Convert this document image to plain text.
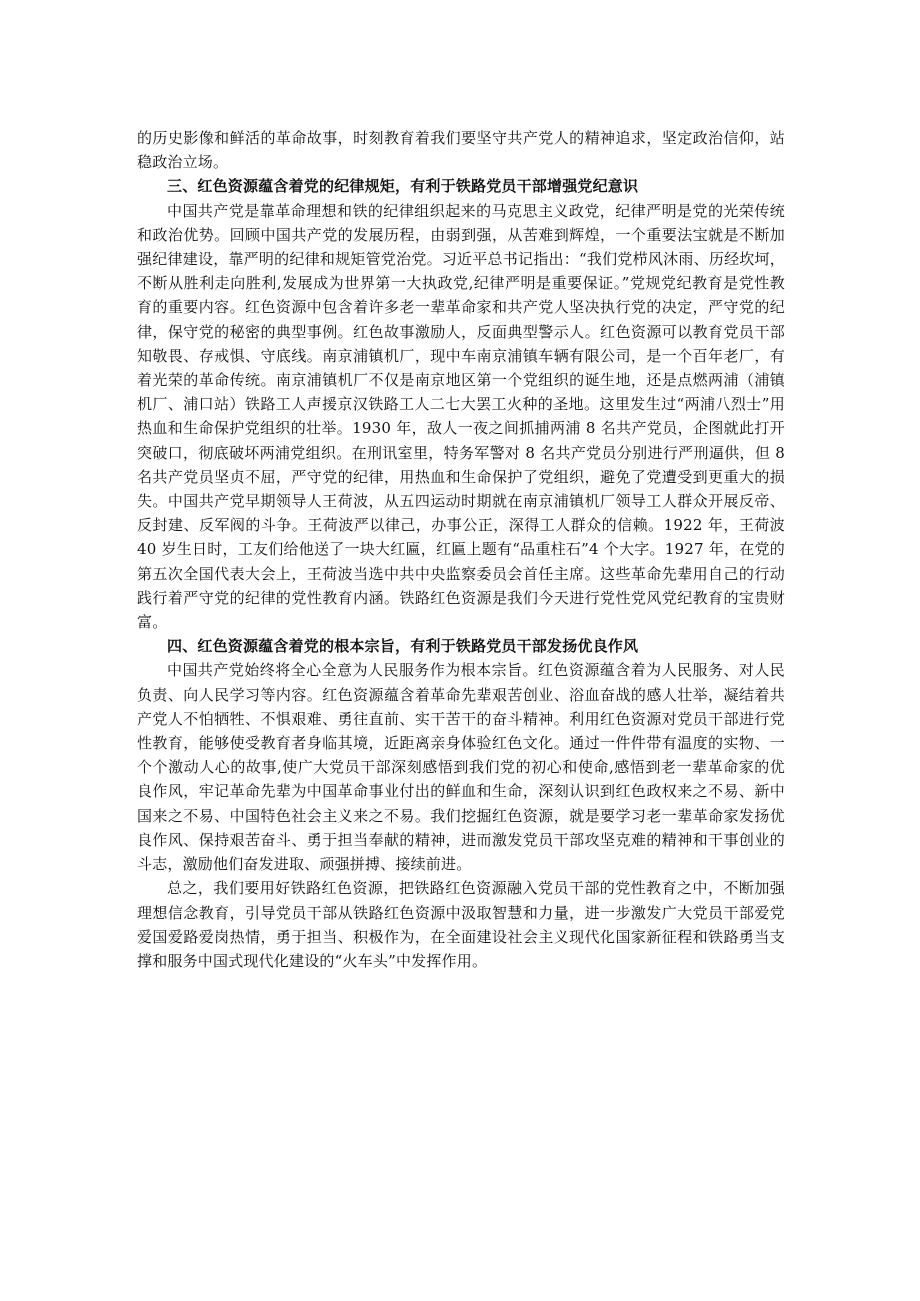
的历史影像和鲜活的革命故事，时刻教育着我们要坚守共产党人的精神追求，坚定政治信仰，站稳政治立场。

三、红色资源蕴含着党的纪律规矩，有利于铁路党员干部增强党纪意识

中国共产党是靠革命理想和铁的纪律组织起来的马克思主义政党，纪律严明是党的光荣传统和政治优势。回顾中国共产党的发展历程，由弱到强，从苦难到辉煌，一个重要法宝就是不断加强纪律建设，靠严明的纪律和规矩管党治党。习近平总书记指出：“我们党栉风沐雨、历经坎坷，不断从胜利走向胜利,发展成为世界第一大执政党,纪律严明是重要保证。”党规党纪教育是党性教育的重要内容。红色资源中包含着许多老一辈革命家和共产党人坚决执行党的决定，严守党的纪律，保守党的秘密的典型事例。红色故事激励人，反面典型警示人。红色资源可以教育党员干部知敬畏、存戒惧、守底线。南京浦镇机厂，现中车南京浦镇车辆有限公司，是一个百年老厂，有着光荣的革命传统。南京浦镇机厂不仅是南京地区第一个党组织的诞生地，还是点燃两浦（浦镇机厂、浦口站）铁路工人声援京汉铁路工人二七大罢工火种的圣地。这里发生过“两浦八烈士”用热血和生命保护党组织的壮举。1930 年，敌人一夜之间抓捕两浦 8 名共产党员，企图就此打开突破口，彻底破坏两浦党组织。在刑讯室里，特务军警对 8 名共产党员分别进行严刑逼供，但 8 名共产党员坚贞不屈，严守党的纪律，用热血和生命保护了党组织，避免了党遭受到更重大的损失。中国共产党早期领导人王荷波，从五四运动时期就在南京浦镇机厂领导工人群众开展反帝、反封建、反军阀的斗争。王荷波严以律己，办事公正，深得工人群众的信赖。1922 年，王荷波 40 岁生日时，工友们给他送了一块大红匾，红匾上题有“品重柱石”4 个大字。1927 年，在党的第五次全国代表大会上，王荷波当选中共中央监察委员会首任主席。这些革命先辈用自己的行动践行着严守党的纪律的党性教育内涵。铁路红色资源是我们今天进行党性党风党纪教育的宝贵财富。

四、红色资源蕴含着党的根本宗旨，有利于铁路党员干部发扬优良作风

中国共产党始终将全心全意为人民服务作为根本宗旨。红色资源蕴含着为人民服务、对人民负责、向人民学习等内容。红色资源蕴含着革命先辈艰苦创业、浴血奋战的感人壮举，凝结着共产党人不怕牺牲、不惧艰难、勇往直前、实干苦干的奋斗精神。利用红色资源对党员干部进行党性教育，能够使受教育者身临其境，近距离亲身体验红色文化。通过一件件带有温度的实物、一个个激动人心的故事,使广大党员干部深刻感悟到我们党的初心和使命,感悟到老一辈革命家的优良作风，牢记革命先辈为中国革命事业付出的鲜血和生命，深刻认识到红色政权来之不易、新中国来之不易、中国特色社会主义来之不易。我们挖掘红色资源，就是要学习老一辈革命家发扬优良作风、保持艰苦奋斗、勇于担当奉献的精神，进而激发党员干部攻坚克难的精神和干事创业的斗志，激励他们奋发进取、顽强拼搏、接续前进。

总之，我们要用好铁路红色资源，把铁路红色资源融入党员干部的党性教育之中，不断加强理想信念教育，引导党员干部从铁路红色资源中汲取智慧和力量，进一步激发广大党员干部爱党爱国爱路爱岗热情，勇于担当、积极作为，在全面建设社会主义现代化国家新征程和铁路勇当支撑和服务中国式现代化建设的“火车头”中发挥作用。
